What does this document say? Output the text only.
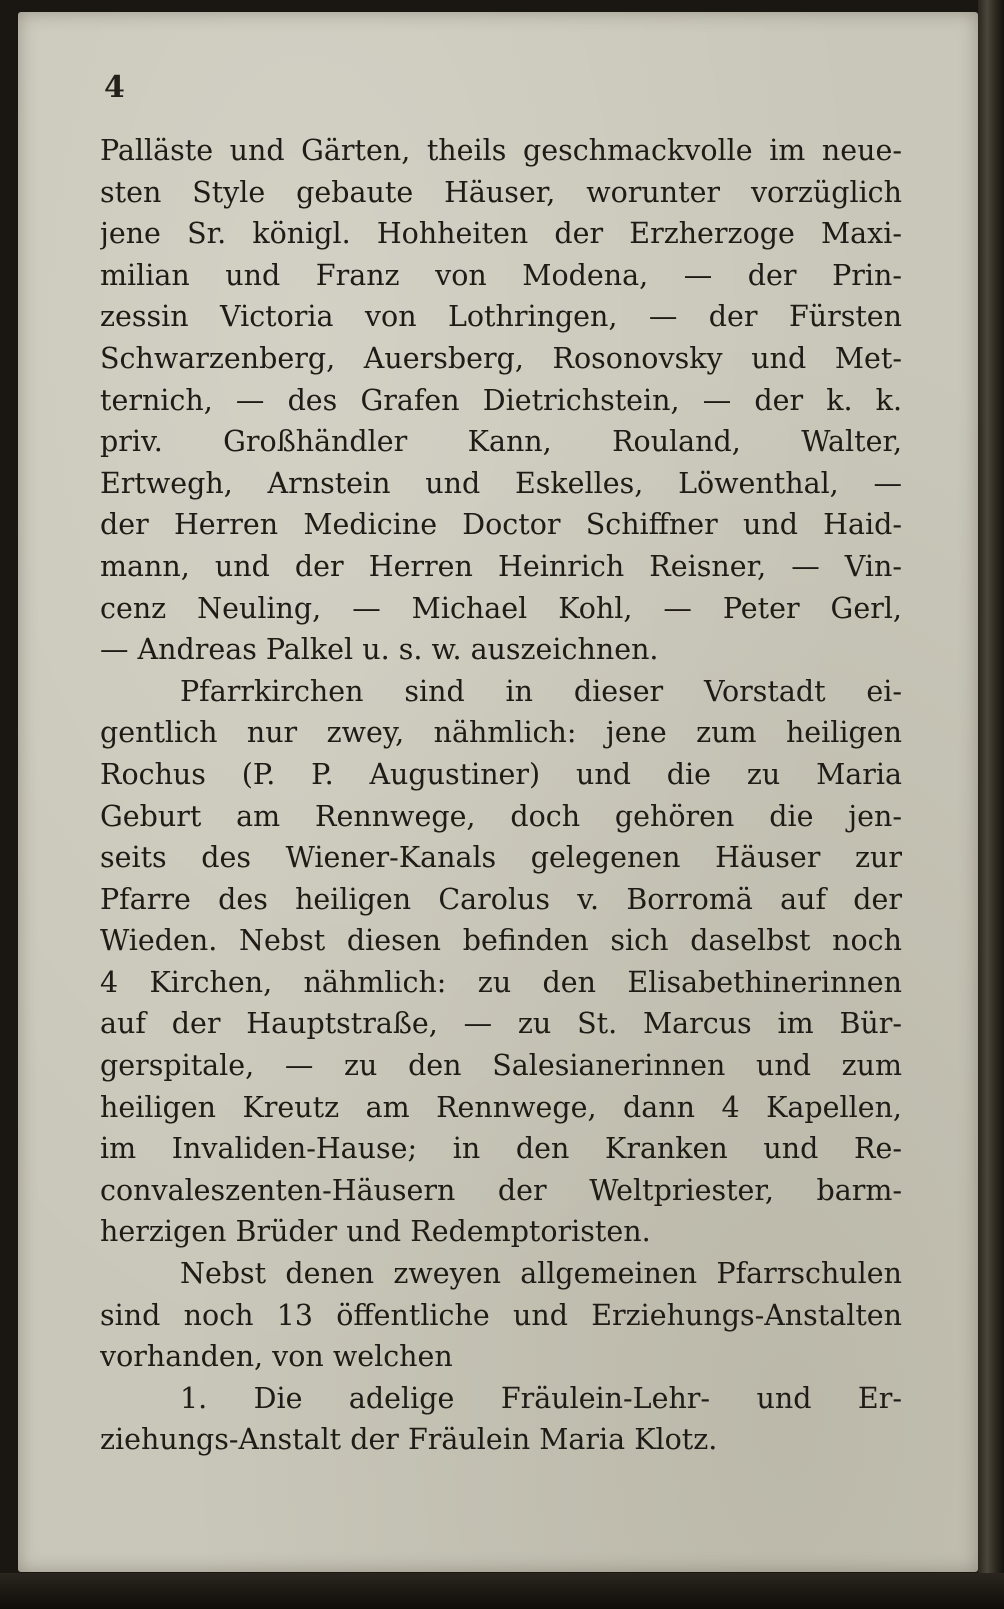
4
Palläste und Gärten, theils geschmackvolle im neue-
sten Style gebaute Häuser, worunter vorzüglich
jene Sr. königl. Hohheiten der Erzherzoge Maxi-
milian und Franz von Modena, — der Prin-
zessin Victoria von Lothringen, — der Fürsten
Schwarzenberg, Auersberg, Rosonovsky und Met-
ternich, — des Grafen Dietrichstein, — der k. k.
priv. Großhändler Kann, Rouland, Walter,
Ertwegh, Arnstein und Eskelles, Löwenthal, —
der Herren Medicine Doctor Schiffner und Haid-
mann, und der Herren Heinrich Reisner, — Vin-
cenz Neuling, — Michael Kohl, — Peter Gerl,
— Andreas Palkel u. s. w. auszeichnen.
Pfarrkirchen sind in dieser Vorstadt ei-
gentlich nur zwey, nähmlich: jene zum heiligen
Rochus (P. P. Augustiner) und die zu Maria
Geburt am Rennwege, doch gehören die jen-
seits des Wiener-Kanals gelegenen Häuser zur
Pfarre des heiligen Carolus v. Borromä auf der
Wieden. Nebst diesen befinden sich daselbst noch
4 Kirchen, nähmlich: zu den Elisabethinerinnen
auf der Hauptstraße, — zu St. Marcus im Bür-
gerspitale, — zu den Salesianerinnen und zum
heiligen Kreutz am Rennwege, dann 4 Kapellen,
im Invaliden-Hause; in den Kranken und Re-
convaleszenten-Häusern der Weltpriester, barm-
herzigen Brüder und Redemptoristen.
Nebst denen zweyen allgemeinen Pfarrschulen
sind noch 13 öffentliche und Erziehungs-Anstalten
vorhanden, von welchen
1. Die adelige Fräulein-Lehr- und Er-
ziehungs-Anstalt der Fräulein Maria Klotz.
